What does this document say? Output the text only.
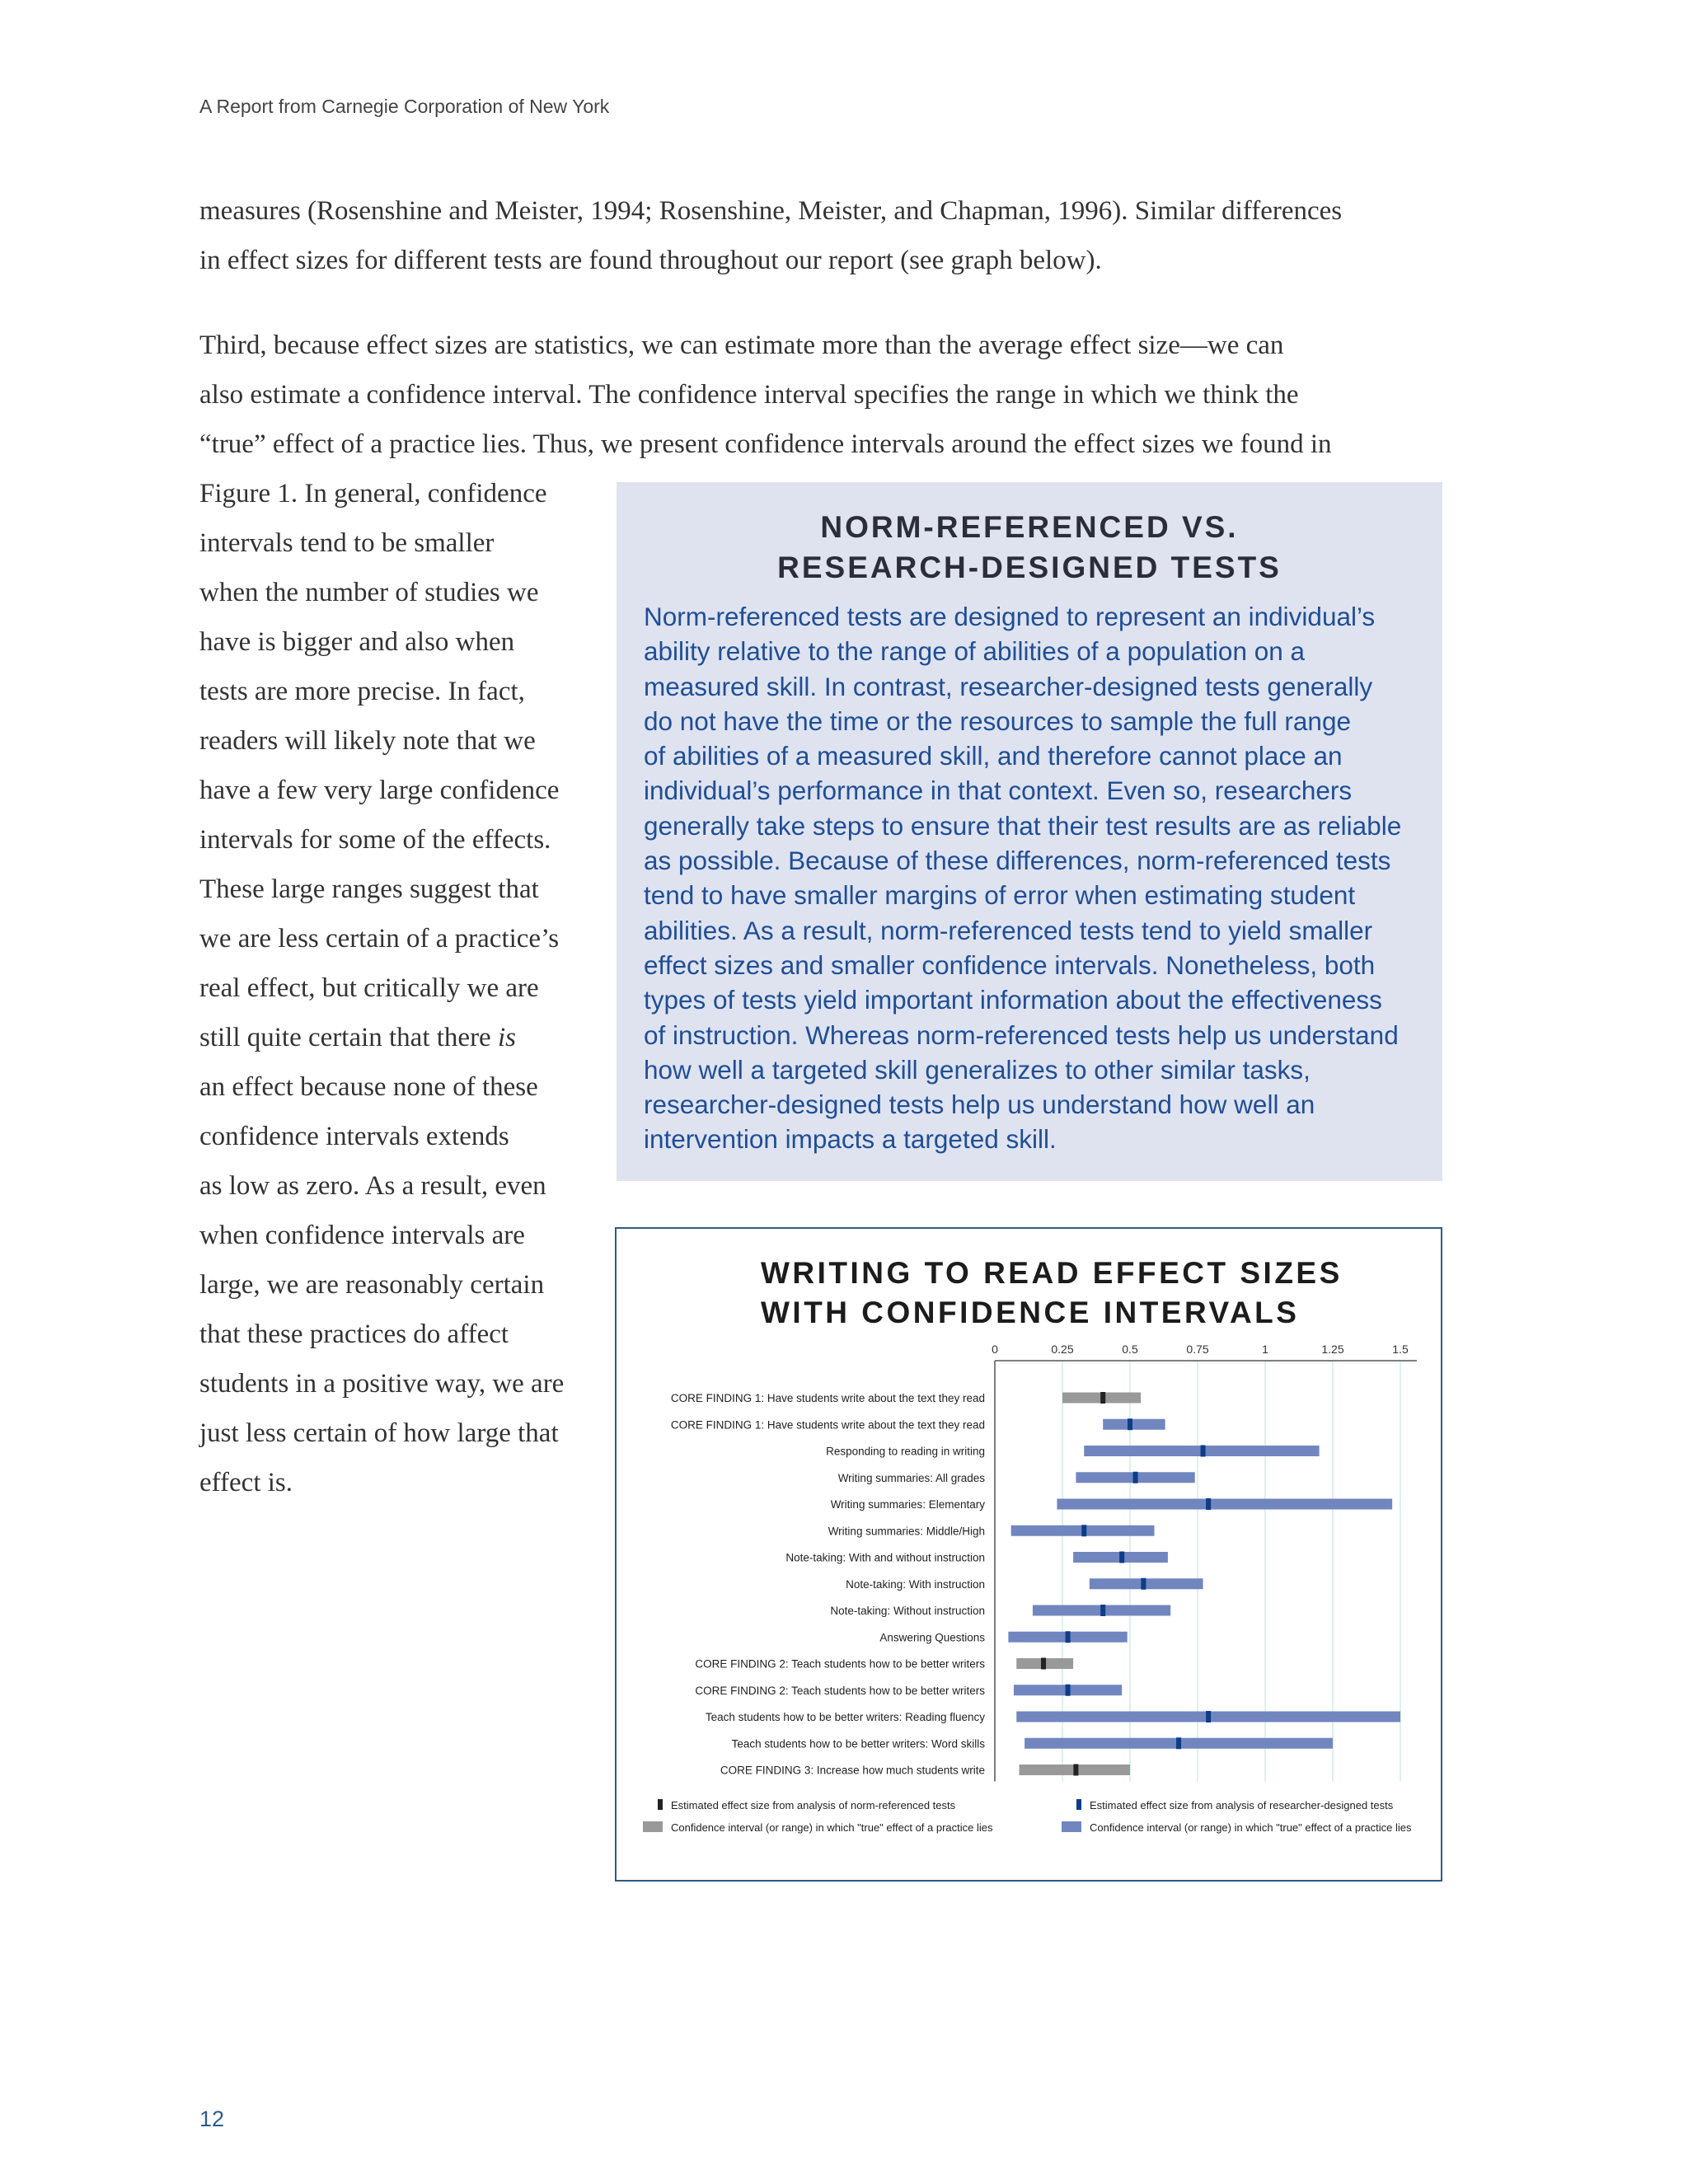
A Report from Carnegie Corporation of New York

measures (Rosenshine and Meister, 1994; Rosenshine, Meister, and Chapman, 1996). Similar differences
in effect sizes for different tests are found throughout our report (see graph below).

Third, because effect sizes are statistics, we can estimate more than the average effect size—we can
also estimate a confidence interval. The confidence interval specifies the range in which we think the
“true” effect of a practice lies. Thus, we present confidence intervals around the effect sizes we found in

Figure 1. In general, confidence
intervals tend to be smaller
when the number of studies we
have is bigger and also when
tests are more precise. In fact,
readers will likely note that we
have a few very large confidence
intervals for some of the effects.
These large ranges suggest that
we are less certain of a practice’s
real effect, but critically we are
still quite certain that there is
an effect because none of these
confidence intervals extends
as low as zero. As a result, even
when confidence intervals are
large, we are reasonably certain
that these practices do affect
students in a positive way, we are
just less certain of how large that
effect is.

NORM-REFERENCED VS.
RESEARCH-DESIGNED TESTS

Norm-referenced tests are designed to represent an individual’s
ability relative to the range of abilities of a population on a
measured skill. In contrast, researcher-designed tests generally
do not have the time or the resources to sample the full range
of abilities of a measured skill, and therefore cannot place an
individual’s performance in that context. Even so, researchers
generally take steps to ensure that their test results are as reliable
as possible. Because of these differences, norm-referenced tests
tend to have smaller margins of error when estimating student
abilities. As a result, norm-referenced tests tend to yield smaller
effect sizes and smaller confidence intervals. Nonetheless, both
types of tests yield important information about the effectiveness
of instruction. Whereas norm-referenced tests help us understand
how well a targeted skill generalizes to other similar tasks,
researcher-designed tests help us understand how well an
intervention impacts a targeted skill.

WRITING TO READ EFFECT SIZES
WITH CONFIDENCE INTERVALS
0	0.25	0.5	0.75	1	1.25	1.5
CORE FINDING 1: Have students write about the text they read
CORE FINDING 1: Have students write about the text they read
Responding to reading in writing
Writing summaries: All grades
Writing summaries: Elementary
Writing summaries: Middle/High
Note-taking: With and without instruction
Note-taking: With instruction
Note-taking: Without instruction
Answering Questions
CORE FINDING 2: Teach students how to be better writers
CORE FINDING 2: Teach students how to be better writers
Teach students how to be better writers: Reading fluency
Teach students how to be better writers: Word skills
CORE FINDING 3: Increase how much students write
Estimated effect size from analysis of norm-referenced tests
Confidence interval (or range) in which "true" effect of a practice lies
Estimated effect size from analysis of researcher-designed tests
Confidence interval (or range) in which "true" effect of a practice lies
12
